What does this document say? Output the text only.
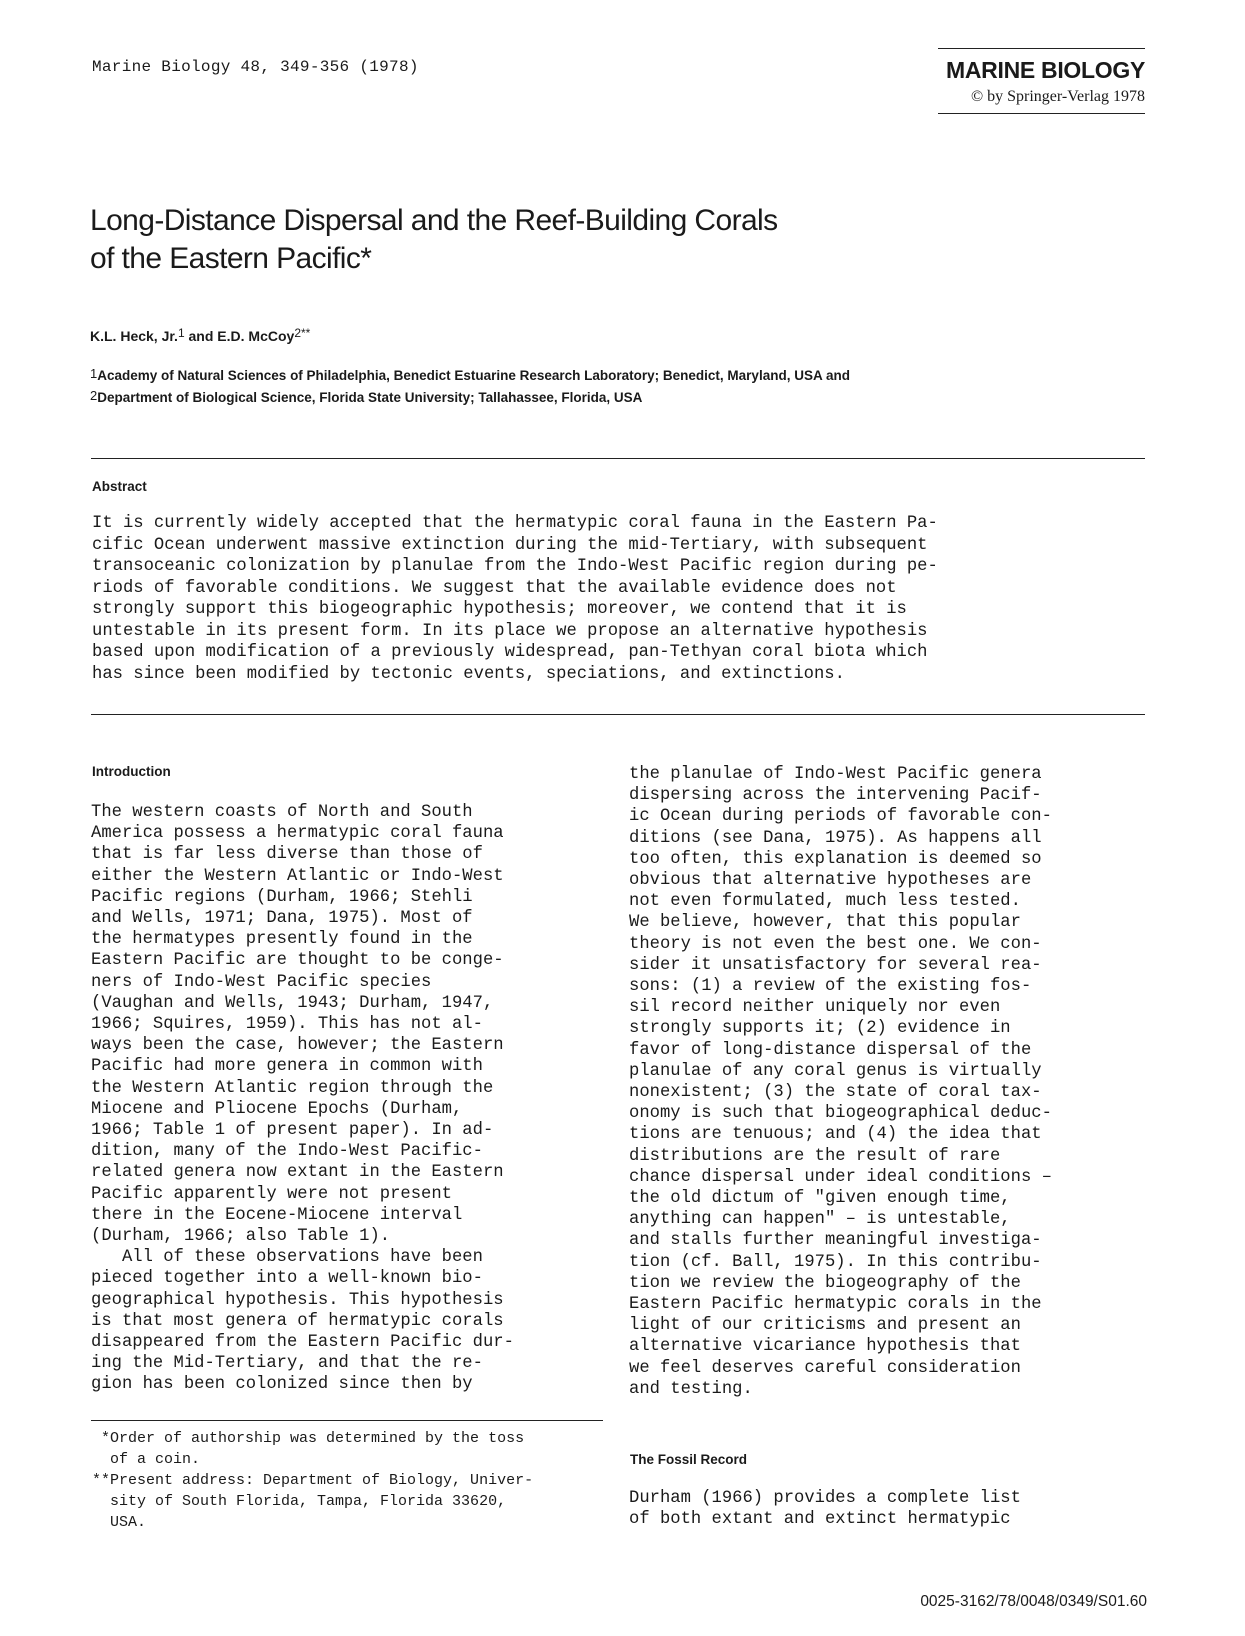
Marine Biology 48, 349-356 (1978)	MARINE BIOLOGY
© by Springer-Verlag 1978
Long-Distance Dispersal and the Reef-Building Corals
of the Eastern Pacific*
K.L. Heck, Jr.$^1$ and E.D. McCoy$^{2**}$
$^1$Academy of Natural Sciences of Philadelphia, Benedict Estuarine Research Laboratory; Benedict, Maryland, USA and
$^2$Department of Biological Science, Florida State University; Tallahassee, Florida, USA
Abstract
It is currently widely accepted that the hermatypic coral fauna in the Eastern Pa-
cific Ocean underwent massive extinction during the mid-Tertiary, with subsequent
transoceanic colonization by planulae from the Indo-West Pacific region during pe-
riods of favorable conditions. We suggest that the available evidence does not
strongly support this biogeographic hypothesis; moreover, we contend that it is
untestable in its present form. In its place we propose an alternative hypothesis
based upon modification of a previously widespread, pan-Tethyan coral biota which
has since been modified by tectonic events, speciations, and extinctions.
Introduction
The western coasts of North and South
America possess a hermatypic coral fauna
that is far less diverse than those of
either the Western Atlantic or Indo-West
Pacific regions (Durham, 1966; Stehli
and Wells, 1971; Dana, 1975). Most of
the hermatypes presently found in the
Eastern Pacific are thought to be conge-
ners of Indo-West Pacific species
(Vaughan and Wells, 1943; Durham, 1947,
1966; Squires, 1959). This has not al-
ways been the case, however; the Eastern
Pacific had more genera in common with
the Western Atlantic region through the
Miocene and Pliocene Epochs (Durham,
1966; Table 1 of present paper). In ad-
dition, many of the Indo-West Pacific-
related genera now extant in the Eastern
Pacific apparently were not present
there in the Eocene-Miocene interval
(Durham, 1966; also Table 1).
All of these observations have been
pieced together into a well-known bio-
geographical hypothesis. This hypothesis
is that most genera of hermatypic corals
disappeared from the Eastern Pacific dur-
ing the Mid-Tertiary, and that the re-
gion has been colonized since then by
the planulae of Indo-West Pacific genera
dispersing across the intervening Pacif-
ic Ocean during periods of favorable con-
ditions (see Dana, 1975). As happens all
too often, this explanation is deemed so
obvious that alternative hypotheses are
not even formulated, much less tested.
We believe, however, that this popular
theory is not even the best one. We con-
sider it unsatisfactory for several rea-
sons: (1) a review of the existing fos-
sil record neither uniquely nor even
strongly supports it; (2) evidence in
favor of long-distance dispersal of the
planulae of any coral genus is virtually
nonexistent; (3) the state of coral tax-
onomy is such that biogeographical deduc-
tions are tenuous; and (4) the idea that
distributions are the result of rare
chance dispersal under ideal conditions –
the old dictum of "given enough time,
anything can happen" – is untestable,
and stalls further meaningful investiga-
tion (cf. Ball, 1975). In this contribu-
tion we review the biogeography of the
Eastern Pacific hermatypic corals in the
light of our criticisms and present an
alternative vicariance hypothesis that
we feel deserves careful consideration
and testing.
*Order of authorship was determined by the toss
of a coin.
**Present address: Department of Biology, Univer-
sity of South Florida, Tampa, Florida 33620,
USA.
The Fossil Record
Durham (1966) provides a complete list
of both extant and extinct hermatypic
0025-3162/78/0048/0349/S01.60
